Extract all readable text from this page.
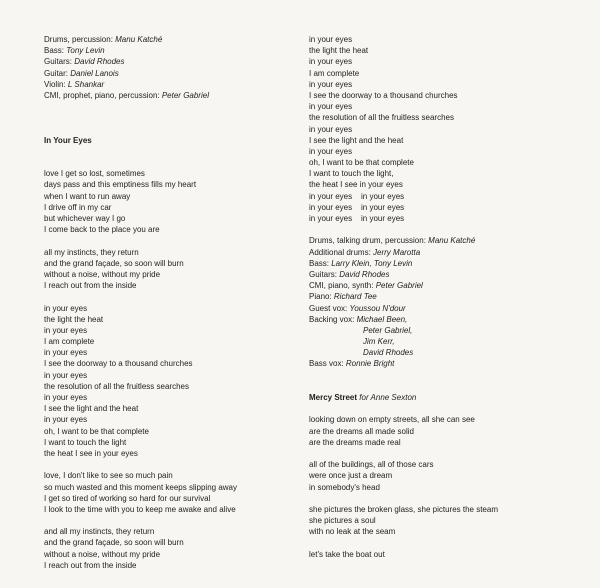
Drums, percussion: Manu Katché
Bass: Tony Levin
Guitars: David Rhodes
Guitar: Daniel Lanois
Violin: L Shankar
CMI, prophet, piano, percussion: Peter Gabriel
In Your Eyes
love I get so lost, sometimes
days pass and this emptiness fills my heart
when I want to run away
I drive off in my car
but whichever way I go
I come back to the place you are
all my instincts, they return
and the grand façade, so soon will burn
without a noise, without my pride
I reach out from the inside
in your eyes
the light the heat
in your eyes
I am complete
in your eyes
I see the doorway to a thousand churches
in your eyes
the resolution of all the fruitless searches
in your eyes
I see the light and the heat
in your eyes
oh, I want to be that complete
I want to touch the light
the heat I see in your eyes
love, I don't like to see so much pain
so much wasted and this moment keeps slipping away
I get so tired of working so hard for our survival
I look to the time with you to keep me awake and alive
and all my instincts, they return
and the grand façade, so soon will burn
without a noise, without my pride
I reach out from the inside
in your eyes
the light the heat
in your eyes
I am complete
in your eyes
I see the doorway to a thousand churches
in your eyes
the resolution of all the fruitless searches
in your eyes
I see the light and the heat
in your eyes
oh, I want to be that complete
I want to touch the light,
the heat I see in your eyes
in your eyes    in your eyes
in your eyes    in your eyes
in your eyes    in your eyes
Drums, talking drum, percussion: Manu Katché
Additional drums: Jerry Marotta
Bass: Larry Klein, Tony Levin
Guitars: David Rhodes
CMI, piano, synth: Peter Gabriel
Piano: Richard Tee
Guest vox: Youssou N'dour
Backing vox: Michael Been,
Peter Gabriel,
Jim Kerr,
David Rhodes
Bass vox: Ronnie Bright
Mercy Street for Anne Sexton
looking down on empty streets, all she can see
are the dreams all made solid
are the dreams made real
all of the buildings, all of those cars
were once just a dream
in somebody's head
she pictures the broken glass, she pictures the steam
she pictures a soul
with no leak at the seam
let's take the boat out
